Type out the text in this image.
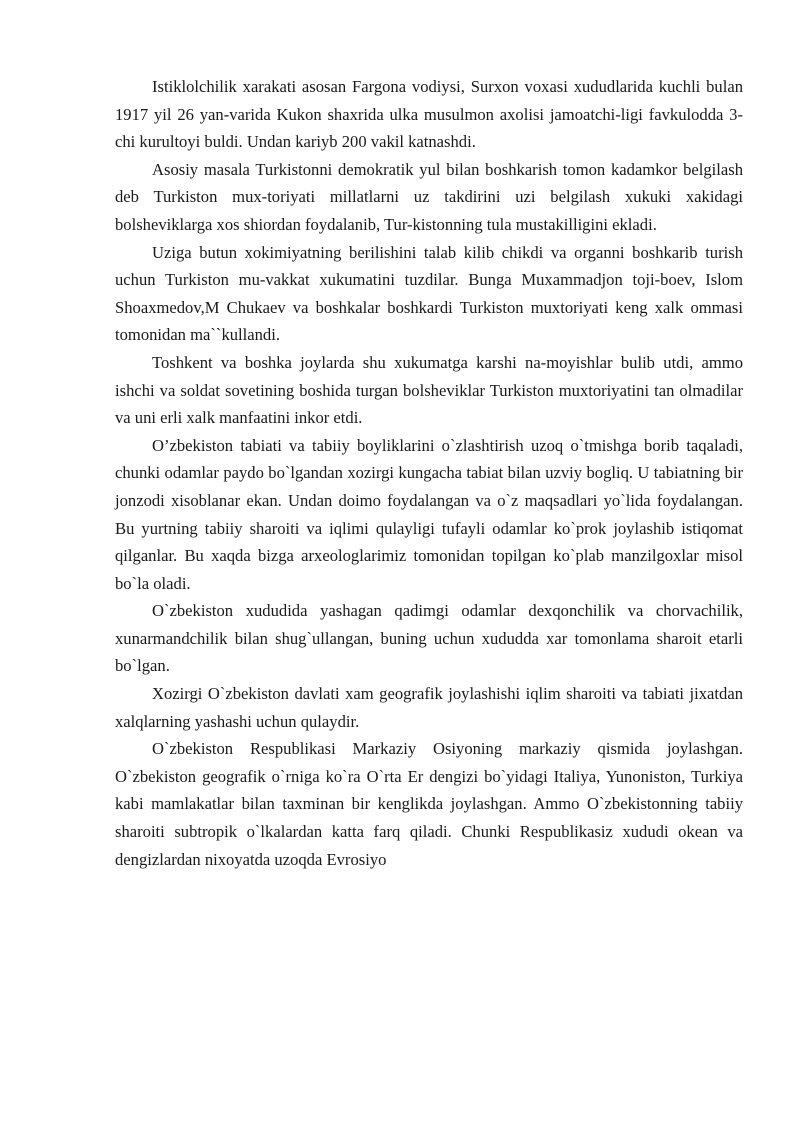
Istiklolchilik xarakati asosan Fargona vodiysi, Surxon voxasi xududlarida kuchli bulan 1917 yil 26 yan-varida Kukon shaxrida ulka musulmon axolisi jamoatchi-ligi favkulodda 3-chi kurultoyi buldi. Undan kariyb 200 vakil katnashdi.

Asosiy masala Turkistonni demokratik yul bilan boshkarish tomon kadamkor belgilash deb Turkiston mux-toriyati millatlarni uz takdirini uzi belgilash xukuki xakidagi bolsheviklarga xos shiordan foydalanib, Tur-kistonning tula mustakilligini ekladi.

Uziga butun xokimiyatning berilishini talab kilib chikdi va organni boshkarib turish uchun Turkiston mu-vakkat xukumatini tuzdilar. Bunga Muxammadjon toji-boev, Islom Shoaxmedov,M Chukaev va boshkalar boshkardi Turkiston muxtoriyati keng xalk ommasi tomonidan ma``kullandi.

Toshkent va boshka joylarda shu xukumatga karshi na-moyishlar bulib utdi, ammo ishchi va soldat sovetining boshida turgan bolsheviklar Turkiston muxtoriyatini tan olmadilar va uni erli xalk manfaatini inkor etdi.

O’zbekiston tabiati va tabiiy boyliklarini o`zlashtirish uzoq o`tmishga borib taqaladi, chunki odamlar paydo bo`lgandan xozirgi kungacha tabiat bilan uzviy bogliq. U tabiatning bir jonzodi xisoblanar ekan. Undan doimo foydalangan va o`z maqsadlari yo`lida foydalangan. Bu yurtning tabiiy sharoiti va iqlimi qulayligi tufayli odamlar ko`prok joylashib istiqomat qilganlar. Bu xaqda bizga arxeologlarimiz tomonidan topilgan ko`plab manzilgoxlar misol bo`la oladi.

O`zbekiston xududida yashagan qadimgi odamlar dexqonchilik va chorvachilik, xunarmandchilik bilan shug`ullangan, buning uchun xududda xar tomonlama sharoit etarli bo`lgan.

Xozirgi O`zbekiston davlati xam geografik joylashishi iqlim sharoiti va tabiati jixatdan xalqlarning yashashi uchun qulaydir.

O`zbekiston Respublikasi Markaziy Osiyoning markaziy qismida joylashgan. O`zbekiston geografik o`rniga ko`ra O`rta Er dengizi bo`yidagi Italiya, Yunoniston, Turkiya kabi mamlakatlar bilan taxminan bir kenglikda joylashgan. Ammo O`zbekistonning tabiiy sharoiti subtropik o`lkalardan katta farq qiladi. Chunki Respublikasiz xududi okean va dengizlardan nixoyatda uzoqda Evrosiyo
